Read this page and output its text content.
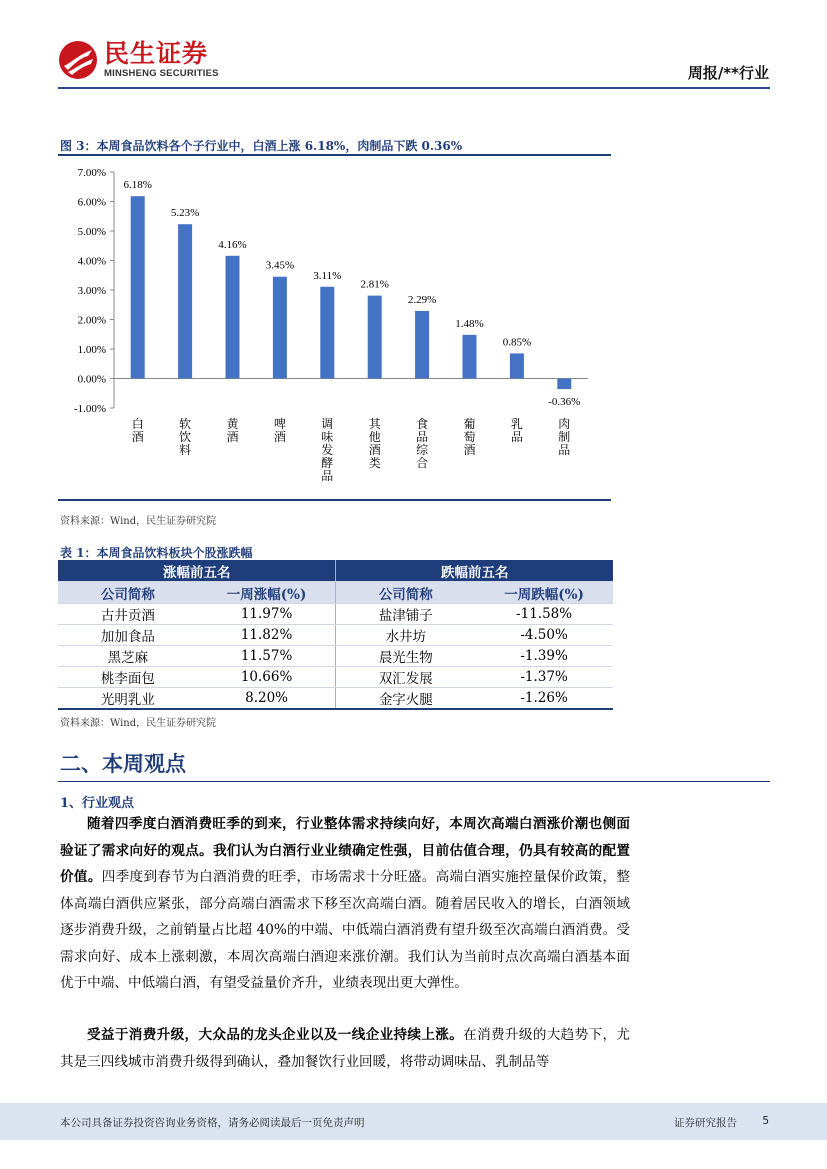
民生证券
MINSHENG SECURITIES	周报/**行业
图 3：本周食品饮料各个子行业中，白酒上涨 6.18%，肉制品下跌 0.36%
7.00%
6.00%
5.00%
4.00%
3.00%
2.00%
1.00%
0.00%
-1.00%
6.18%
白
酒
5.23%
软
饮
料
4.16%
黄
酒
3.45%
啤
酒
3.11%
调
味
发
酵
品
2.81%
其
他
酒
类
2.29%
食
品
综
合
1.48%
葡
萄
酒
0.85%
乳
品
-0.36%
肉
制
品
资料来源：Wind，民生证券研究院
表 1：本周食品饮料板块个股涨跌幅
涨幅前五名		跌幅前五名	
公司简称	一周涨幅(%)	公司简称	一周跌幅(%)
古井贡酒	11.97%	盐津铺子	-11.58%
加加食品	11.82%	水井坊	-4.50%
黑芝麻	11.57%	晨光生物	-1.39%
桃李面包	10.66%	双汇发展	-1.37%
光明乳业	8.20%	金字火腿	-1.26%
资料来源：Wind，民生证券研究院
二、本周观点
1、行业观点
随着四季度白酒消费旺季的到来，行业整体需求持续向好，本周次高端白酒涨价潮也侧面验证了需求向好的观点。我们认为白酒行业业绩确定性强，目前估值合理，仍具有较高的配置价值。四季度到春节为白酒消费的旺季，市场需求十分旺盛。高端白酒实施控量保价政策，整体高端白酒供应紧张，部分高端白酒需求下移至次高端白酒。随着居民收入的增长，白酒领域逐步消费升级，之前销量占比超 40%的中端、中低端白酒消费有望升级至次高端白酒消费。受需求向好、成本上涨刺激，本周次高端白酒迎来涨价潮。我们认为当前时点次高端白酒基本面优于中端、中低端白酒，有望受益量价齐升，业绩表现出更大弹性。
受益于消费升级，大众品的龙头企业以及一线企业持续上涨。在消费升级的大趋势下，尤其是三四线城市消费升级得到确认，叠加餐饮行业回暖，将带动调味品、乳制品等
本公司具备证券投资咨询业务资格，请务必阅读最后一页免责声明	证券研究报告 5
